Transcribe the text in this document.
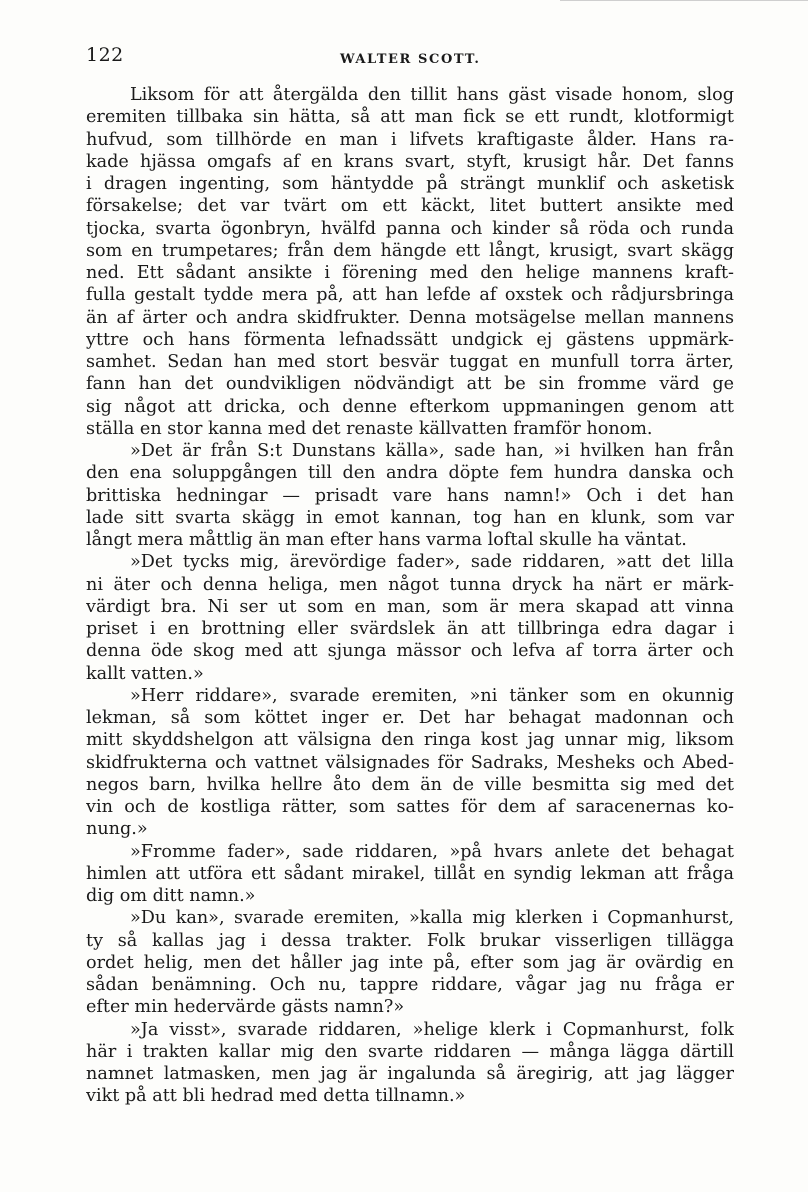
122	WALTER SCOTT.
Liksom för att återgälda den tillit hans gäst visade honom, slog
eremiten tillbaka sin hätta, så att man fick se ett rundt, klotformigt
hufvud, som tillhörde en man i lifvets kraftigaste ålder. Hans ra-
kade hjässa omgafs af en krans svart, styft, krusigt hår. Det fanns
i dragen ingenting, som häntydde på strängt munklif och asketisk
försakelse; det var tvärt om ett käckt, litet buttert ansikte med
tjocka, svarta ögonbryn, hvälfd panna och kinder så röda och runda
som en trumpetares; från dem hängde ett långt, krusigt, svart skägg
ned. Ett sådant ansikte i förening med den helige mannens kraft-
fulla gestalt tydde mera på, att han lefde af oxstek och rådjursbringa
än af ärter och andra skidfrukter. Denna motsägelse mellan mannens
yttre och hans förmenta lefnadssätt undgick ej gästens uppmärk-
samhet. Sedan han med stort besvär tuggat en munfull torra ärter,
fann han det oundvikligen nödvändigt att be sin fromme värd ge
sig något att dricka, och denne efterkom uppmaningen genom att
ställa en stor kanna med det renaste källvatten framför honom.
»Det är från S:t Dunstans källa», sade han, »i hvilken han från
den ena soluppgången till den andra döpte fem hundra danska och
brittiska hedningar — prisadt vare hans namn!» Och i det han
lade sitt svarta skägg in emot kannan, tog han en klunk, som var
långt mera måttlig än man efter hans varma loftal skulle ha väntat.
»Det tycks mig, ärevördige fader», sade riddaren, »att det lilla
ni äter och denna heliga, men något tunna dryck ha närt er märk-
värdigt bra. Ni ser ut som en man, som är mera skapad att vinna
priset i en brottning eller svärdslek än att tillbringa edra dagar i
denna öde skog med att sjunga mässor och lefva af torra ärter och
kallt vatten.»
»Herr riddare», svarade eremiten, »ni tänker som en okunnig
lekman, så som köttet inger er. Det har behagat madonnan och
mitt skyddshelgon att välsigna den ringa kost jag unnar mig, liksom
skidfrukterna och vattnet välsignades för Sadraks, Mesheks och Abed-
negos barn, hvilka hellre åto dem än de ville besmitta sig med det
vin och de kostliga rätter, som sattes för dem af saracenernas ko-
nung.»
»Fromme fader», sade riddaren, »på hvars anlete det behagat
himlen att utföra ett sådant mirakel, tillåt en syndig lekman att fråga
dig om ditt namn.»
»Du kan», svarade eremiten, »kalla mig klerken i Copmanhurst,
ty så kallas jag i dessa trakter. Folk brukar visserligen tillägga
ordet helig, men det håller jag inte på, efter som jag är ovärdig en
sådan benämning. Och nu, tappre riddare, vågar jag nu fråga er
efter min hedervärde gästs namn?»
»Ja visst», svarade riddaren, »helige klerk i Copmanhurst, folk
här i trakten kallar mig den svarte riddaren — många lägga därtill
namnet latmasken, men jag är ingalunda så äregirig, att jag lägger
vikt på att bli hedrad med detta tillnamn.»
